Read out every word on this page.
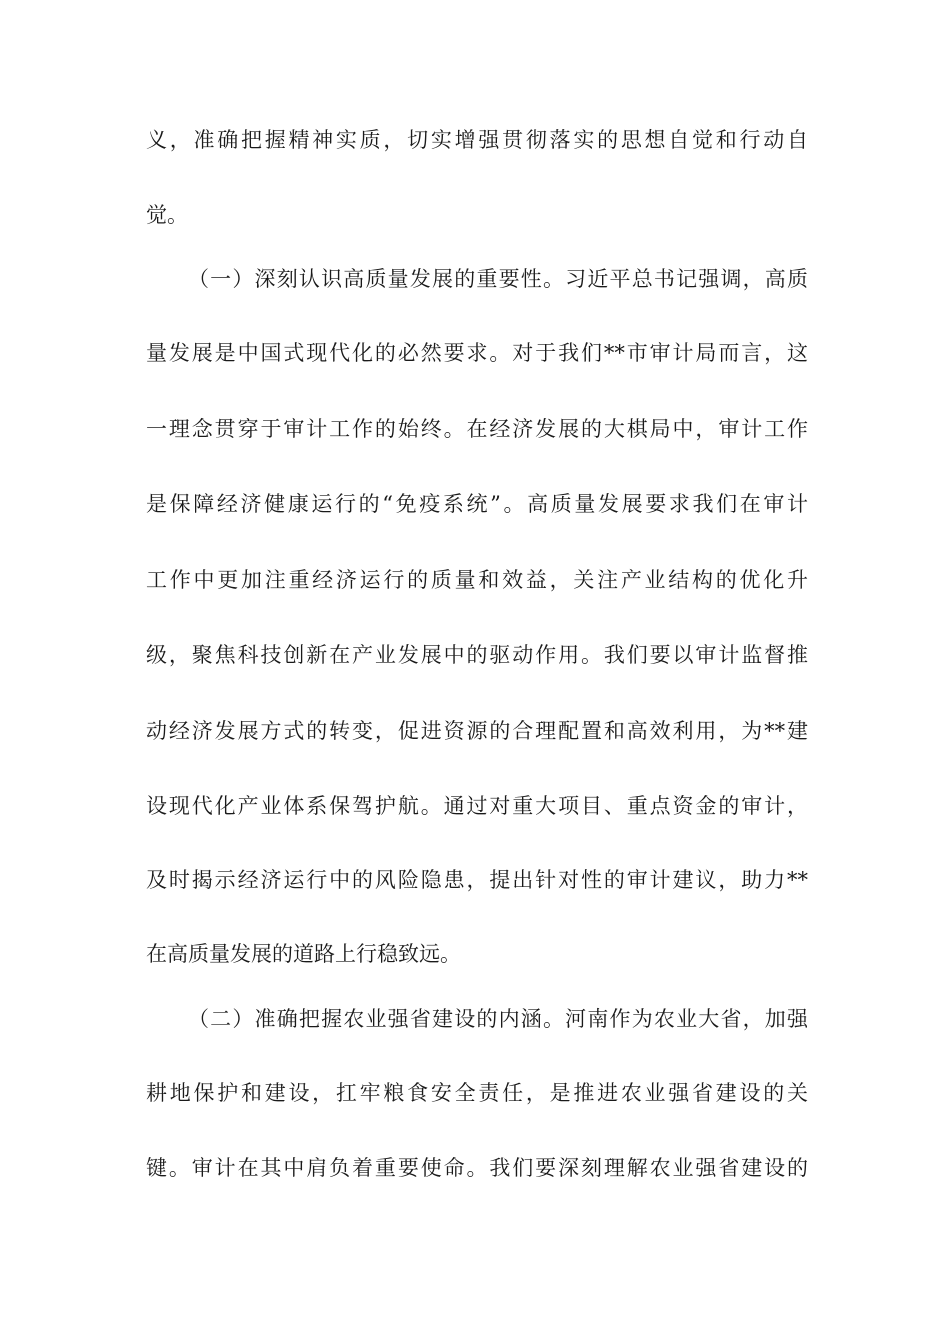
义，准确把握精神实质，切实增强贯彻落实的思想自觉和行动自
觉。
（一）深刻认识高质量发展的重要性。习近平总书记强调，高质
量发展是中国式现代化的必然要求。对于我们**市审计局而言，这
一理念贯穿于审计工作的始终。在经济发展的大棋局中，审计工作
是保障经济健康运行的“免疫系统”。高质量发展要求我们在审计
工作中更加注重经济运行的质量和效益，关注产业结构的优化升
级，聚焦科技创新在产业发展中的驱动作用。我们要以审计监督推
动经济发展方式的转变，促进资源的合理配置和高效利用，为**建
设现代化产业体系保驾护航。通过对重大项目、重点资金的审计，
及时揭示经济运行中的风险隐患，提出针对性的审计建议，助力**
在高质量发展的道路上行稳致远。
（二）准确把握农业强省建设的内涵。河南作为农业大省，加强
耕地保护和建设，扛牢粮食安全责任，是推进农业强省建设的关
键。审计在其中肩负着重要使命。我们要深刻理解农业强省建设的
